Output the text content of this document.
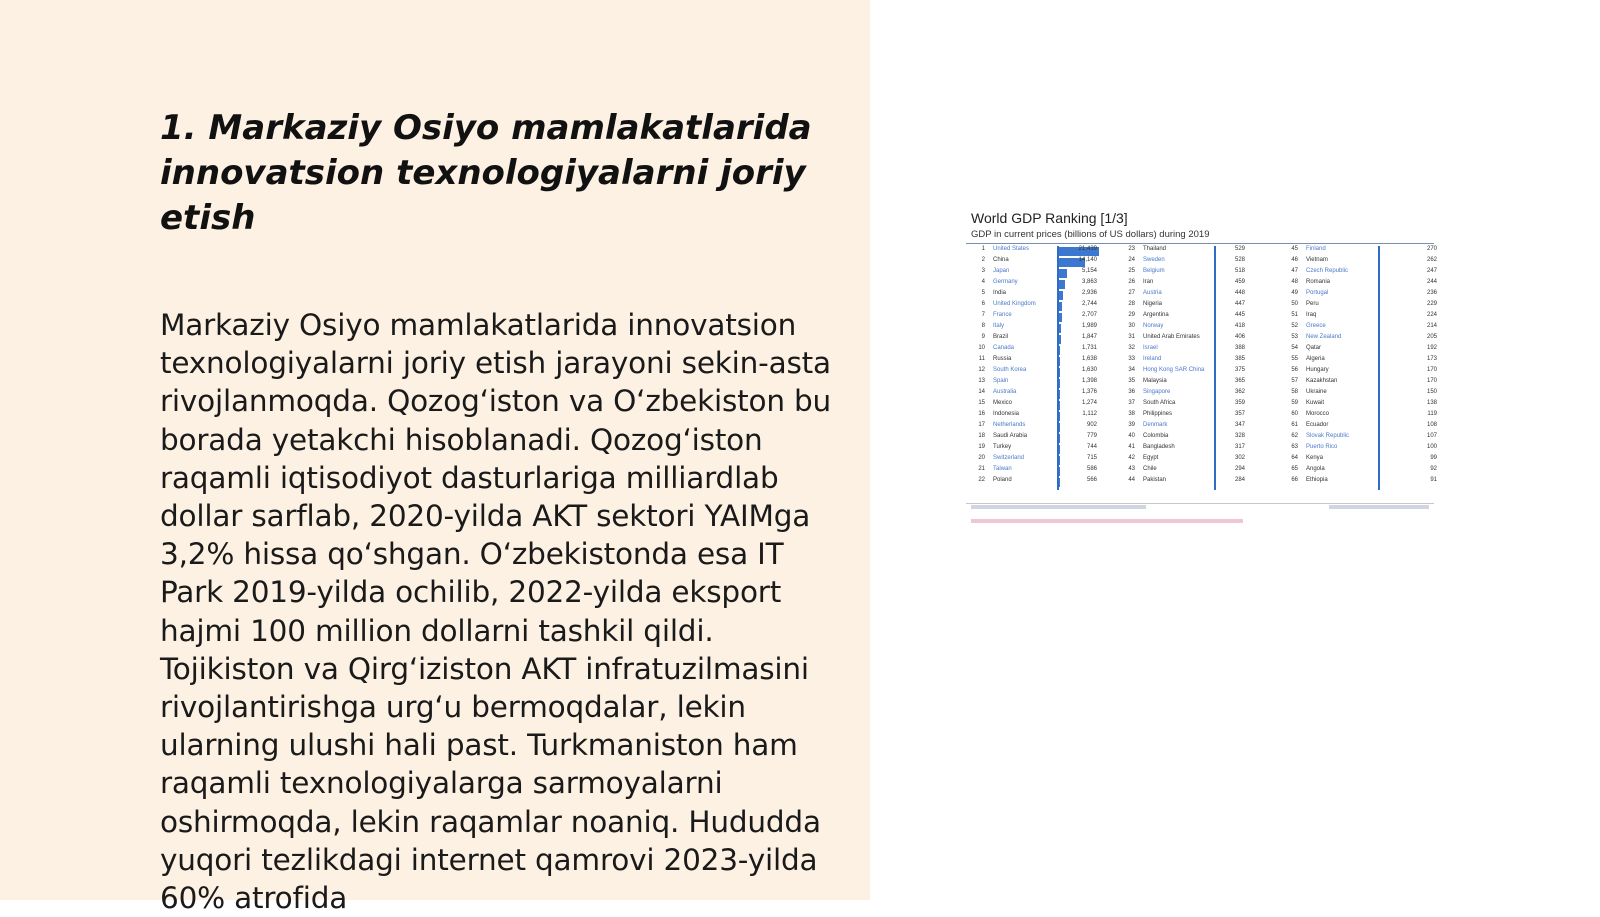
1. Markaziy Osiyo mamlakatlarida innovatsion texnologiyalarni joriy etish

Markaziy Osiyo mamlakatlarida innovatsion texnologiyalarni joriy etish jarayoni sekin-asta rivojlanmoqda. Qozog‘iston va O‘zbekiston bu borada yetakchi hisoblanadi. Qozog‘iston raqamli iqtisodiyot dasturlariga milliardlab dollar sarflab, 2020-yilda AKT sektori YAIMga 3,2% hissa qo‘shgan. O‘zbekistonda esa IT Park 2019-yilda ochilib, 2022-yilda eksport hajmi 100 million dollarni tashkil qildi. Tojikiston va Qirg‘iziston AKT infratuzilmasini rivojlantirishga urg‘u bermoqdalar, lekin ularning ulushi hali past. Turkmaniston ham raqamli texnologiyalarga sarmoyalarni oshirmoqda, lekin raqamlar noaniq. Hududda yuqori tezlikdagi internet qamrovi 2023-yilda 60% atrofida

World GDP Ranking [1/3]
GDP in current prices (billions of US dollars) during 2019
1 United States	21,439
2 China	14,140
3 Japan	5,154
4 Germany	3,863
5 India	2,936
6 United Kingdom	2,744
7 France	2,707
8 Italy	1,989
9 Brazil	1,847
10 Canada	1,731
11 Russia	1,638
12 South Korea	1,630
13 Spain	1,398
14 Australia	1,376
15 Mexico	1,274
16 Indonesia	1,112
17 Netherlands	902
18 Saudi Arabia	779
19 Turkey	744
20 Switzerland	715
21 Taiwan	586
22 Poland	566
23 Thailand	529
24 Sweden	528
25 Belgium	518
26 Iran	459
27 Austria	448
28 Nigeria	447
29 Argentina	445
30 Norway	418
31 United Arab Emirates	406
32 Israel	388
33 Ireland	385
34 Hong Kong SAR China	375
35 Malaysia	365
36 Singapore	362
37 South Africa	359
38 Philippines	357
39 Denmark	347
40 Colombia	328
41 Bangladesh	317
42 Egypt	302
43 Chile	294
44 Pakistan	284
45 Finland	270
46 Vietnam	262
47 Czech Republic	247
48 Romania	244
49 Portugal	236
50 Peru	229
51 Iraq	224
52 Greece	214
53 New Zealand	205
54 Qatar	192
55 Algeria	173
56 Hungary	170
57 Kazakhstan	170
58 Ukraine	150
59 Kuwait	138
60 Morocco	119
61 Ecuador	108
62 Slovak Republic	107
63 Puerto Rico	100
64 Kenya	99
65 Angola	92
66 Ethiopia	91
